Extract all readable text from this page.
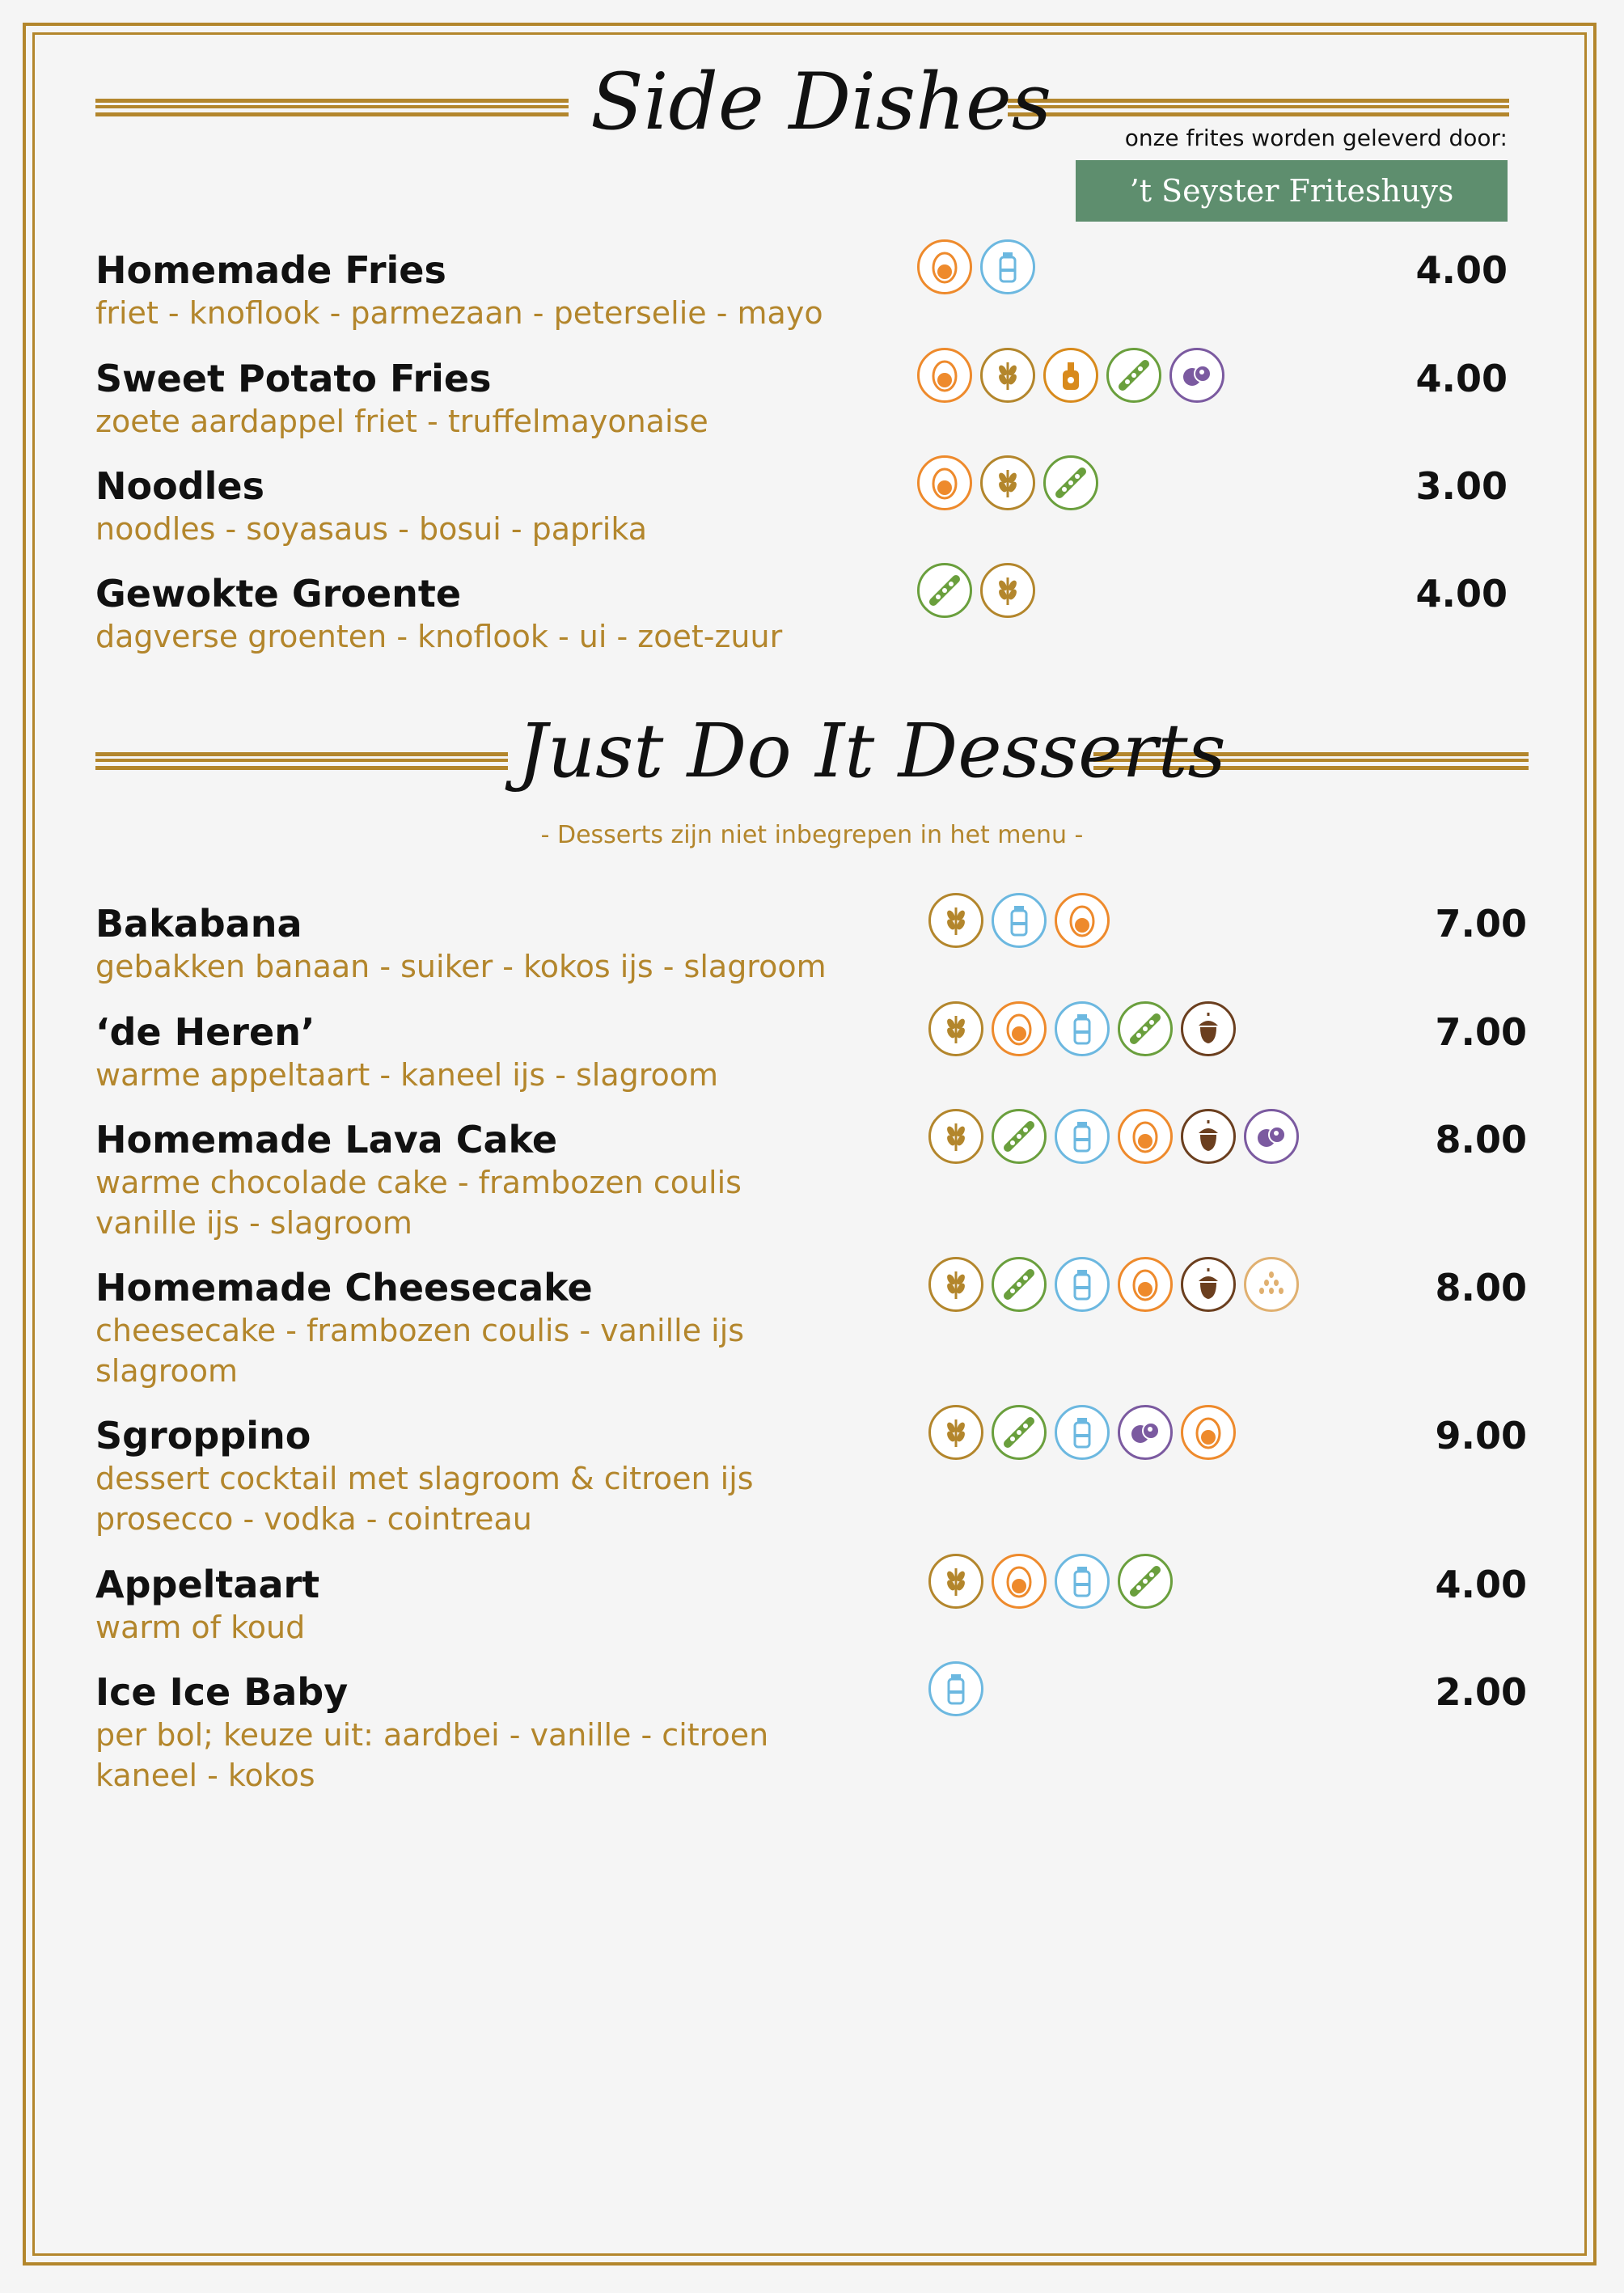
Side Dishes	onze frites worden geleverd door:
’t Seyster Friteshuys
Homemade Fries
friet - knoflook - parmezaan - peterselie - mayo
4.00
Sweet Potato Fries
zoete aardappel friet - truffelmayonaise
4.00
Noodles
noodles - soyasaus - bosui - paprika
3.00
Gewokte Groente
dagverse groenten - knoflook - ui - zoet-zuur
4.00
Just Do It Desserts
- Desserts zijn niet inbegrepen in het menu -
Bakabana
gebakken banaan - suiker - kokos ijs - slagroom
7.00
‘de Heren’
warme appeltaart - kaneel ijs - slagroom
7.00
Homemade Lava Cake
warme chocolade cake - frambozen coulis
vanille ijs - slagroom
8.00
Homemade Cheesecake
cheesecake - frambozen coulis - vanille ijs
slagroom
8.00
Sgroppino
dessert cocktail met slagroom & citroen ijs
prosecco - vodka - cointreau
9.00
Appeltaart
warm of koud
4.00
Ice Ice Baby
per bol; keuze uit: aardbei - vanille - citroen
kaneel - kokos
2.00
